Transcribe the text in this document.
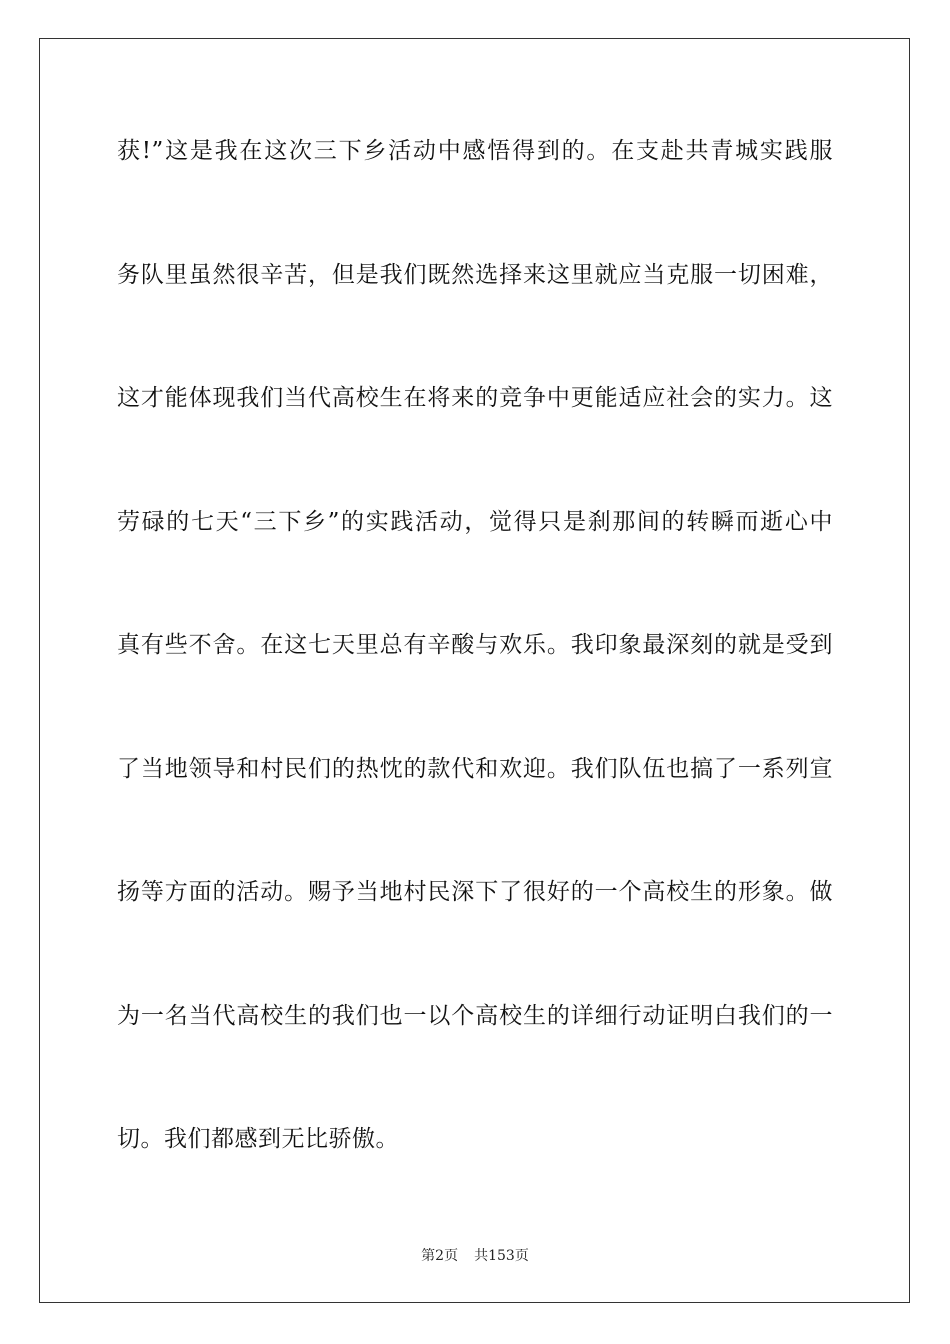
获!”这是我在这次三下乡活动中感悟得到的。在支赴共青城实践服
务队里虽然很辛苦，但是我们既然选择来这里就应当克服一切困难，
这才能体现我们当代高校生在将来的竞争中更能适应社会的实力。这
劳碌的七天“三下乡”的实践活动，觉得只是刹那间的转瞬而逝心中
真有些不舍。在这七天里总有辛酸与欢乐。我印象最深刻的就是受到
了当地领导和村民们的热忱的款代和欢迎。我们队伍也搞了一系列宣
扬等方面的活动。赐予当地村民深下了很好的一个高校生的形象。做
为一名当代高校生的我们也一以个高校生的详细行动证明白我们的一
切。我们都感到无比骄傲。
第2页 共153页
